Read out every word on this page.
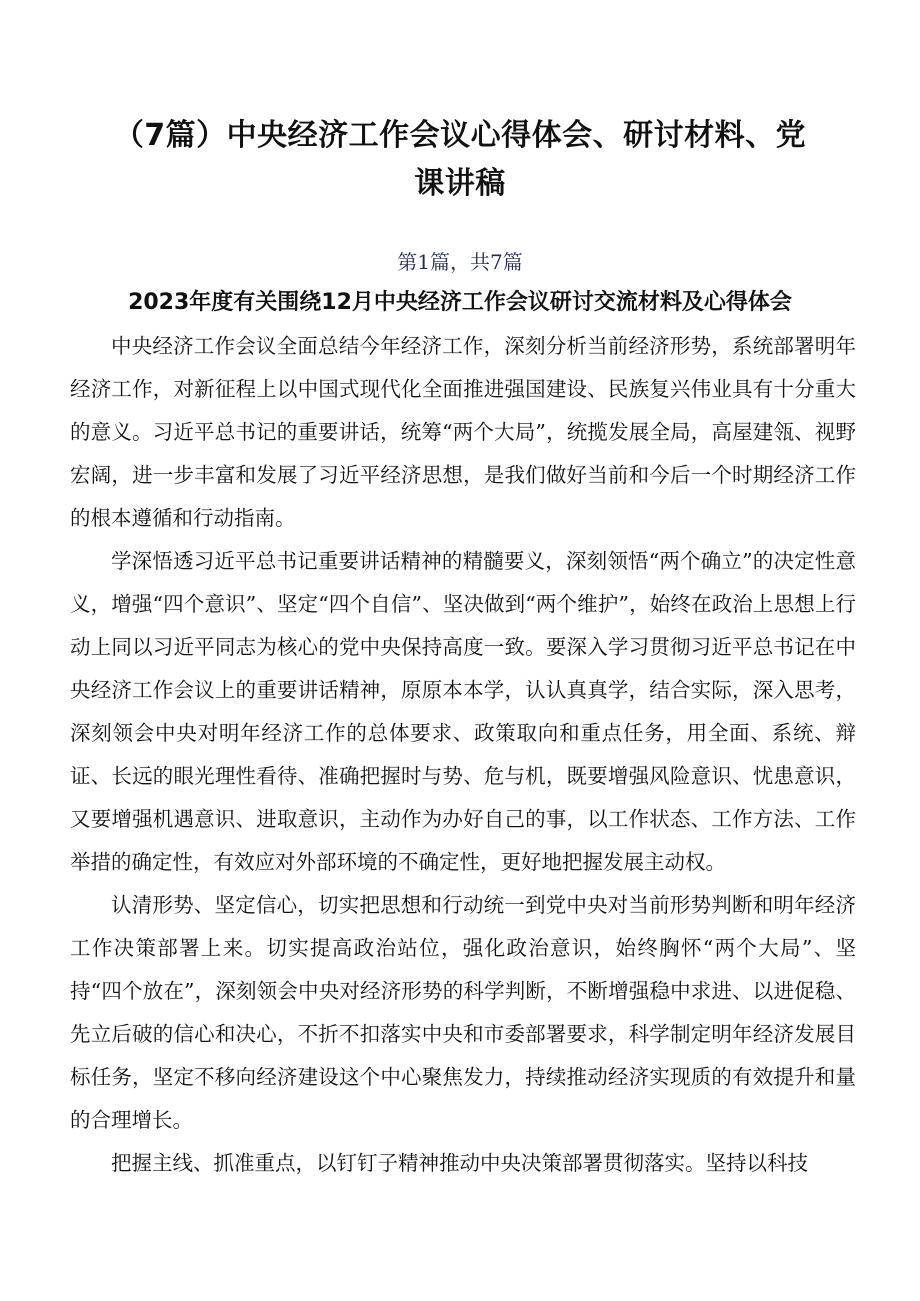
（7篇）中央经济工作会议心得体会、研讨材料、党课讲稿
第1篇，共7篇
2023年度有关围绕12月中央经济工作会议研讨交流材料及心得体会

中央经济工作会议全面总结今年经济工作，深刻分析当前经济形势，系统部署明年经济工作，对新征程上以中国式现代化全面推进强国建设、民族复兴伟业具有十分重大的意义。习近平总书记的重要讲话，统筹“两个大局”，统揽发展全局，高屋建瓴、视野宏阔，进一步丰富和发展了习近平经济思想，是我们做好当前和今后一个时期经济工作的根本遵循和行动指南。

学深悟透习近平总书记重要讲话精神的精髓要义，深刻领悟“两个确立”的决定性意义，增强“四个意识”、坚定“四个自信”、坚决做到“两个维护”，始终在政治上思想上行动上同以习近平同志为核心的党中央保持高度一致。要深入学习贯彻习近平总书记在中央经济工作会议上的重要讲话精神，原原本本学，认认真真学，结合实际，深入思考，深刻领会中央对明年经济工作的总体要求、政策取向和重点任务，用全面、系统、辩证、长远的眼光理性看待、准确把握时与势、危与机，既要增强风险意识、忧患意识，又要增强机遇意识、进取意识，主动作为办好自己的事，以工作状态、工作方法、工作举措的确定性，有效应对外部环境的不确定性，更好地把握发展主动权。

认清形势、坚定信心，切实把思想和行动统一到党中央对当前形势判断和明年经济工作决策部署上来。切实提高政治站位，强化政治意识，始终胸怀“两个大局”、坚持“四个放在”，深刻领会中央对经济形势的科学判断，不断增强稳中求进、以进促稳、先立后破的信心和决心，不折不扣落实中央和市委部署要求，科学制定明年经济发展目标任务，坚定不移向经济建设这个中心聚焦发力，持续推动经济实现质的有效提升和量的合理增长。

把握主线、抓准重点，以钉钉子精神推动中央决策部署贯彻落实。坚持以科技
